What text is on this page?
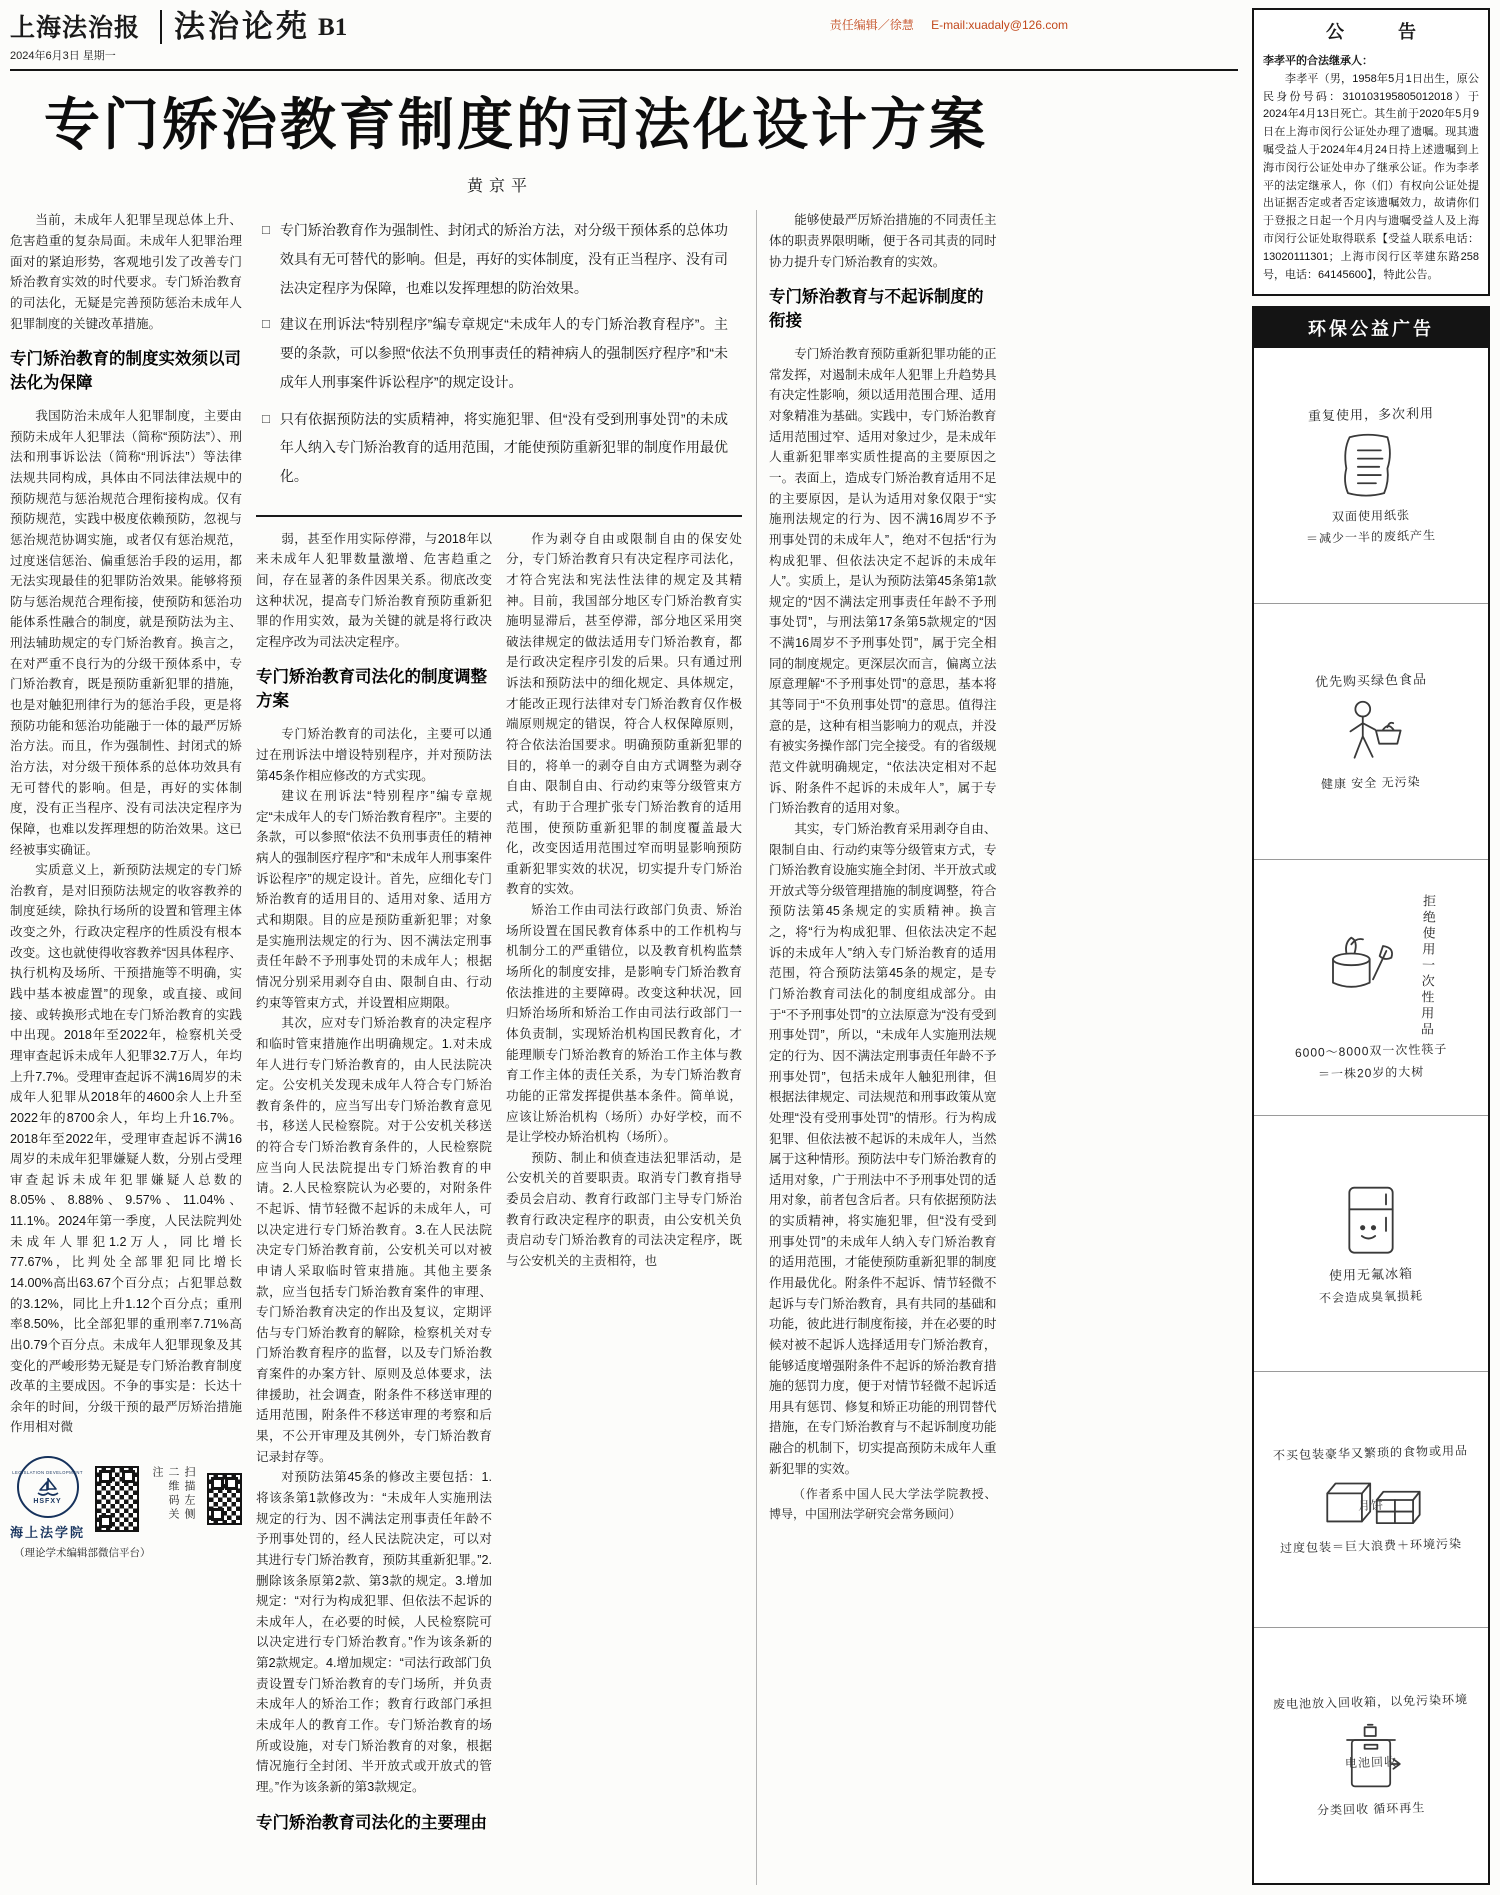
上海法治报
2024年6月3日 星期一
法治论苑 B1	责任编辑／徐慧 E-mail:xuadaly@126.com
专门矫治教育制度的司法化设计方案
黄京平

当前，未成年人犯罪呈现总体上升、危害趋重的复杂局面。未成年人犯罪治理面对的紧迫形势，客观地引发了改善专门矫治教育实效的时代要求。专门矫治教育的司法化，无疑是完善预防惩治未成年人犯罪制度的关键改革措施。

专门矫治教育的制度实效须以司法化为保障

我国防治未成年人犯罪制度，主要由预防未成年人犯罪法（简称“预防法”）、刑法和刑事诉讼法（简称“刑诉法”）等法律法规共同构成，具体由不同法律法规中的预防规范与惩治规范合理衔接构成。仅有预防规范，实践中极度依赖预防，忽视与惩治规范协调实施，或者仅有惩治规范，过度迷信惩治、偏重惩治手段的运用，都无法实现最佳的犯罪防治效果。能够将预防与惩治规范合理衔接，使预防和惩治功能体系性融合的制度，就是预防法为主、刑法辅助规定的专门矫治教育。换言之，在对严重不良行为的分级干预体系中，专门矫治教育，既是预防重新犯罪的措施，也是对触犯刑律行为的惩治手段，更是将预防功能和惩治功能融于一体的最严厉矫治方法。而且，作为强制性、封闭式的矫治方法，对分级干预体系的总体功效具有无可替代的影响。但是，再好的实体制度，没有正当程序、没有司法决定程序为保障，也难以发挥理想的防治效果。这已经被事实确证。

实质意义上，新预防法规定的专门矫治教育，是对旧预防法规定的收容教养的制度延续，除执行场所的设置和管理主体改变之外，行政决定程序的性质没有根本改变。这也就使得收容教养“因具体程序、执行机构及场所、干预措施等不明确，实践中基本被虚置”的现象，或直接、或间接、或转换形式地在专门矫治教育的实践中出现。2018年至2022年，检察机关受理审查起诉未成年人犯罪32.7万人，年均上升7.7%。受理审查起诉不满16周岁的未成年人犯罪从2018年的4600余人上升至2022年的8700余人，年均上升16.7%。2018年至2022年，受理审查起诉不满16周岁的未成年犯罪嫌疑人数，分别占受理审查起诉未成年犯罪嫌疑人总数的8.05%、8.88%、9.57%、11.04%、11.1%。2024年第一季度，人民法院判处未成年人罪犯1.2万人，同比增长77.67%，比判处全部罪犯同比增长14.00%高出63.67个百分点；占犯罪总数的3.12%，同比上升1.12个百分点；重刑率8.50%，比全部犯罪的重刑率7.71%高出0.79个百分点。未成年人犯罪现象及其变化的严峻形势无疑是专门矫治教育制度改革的主要成因。不争的事实是：长达十余年的时间，分级干预的最严厉矫治措施作用相对微

LEGISLATION DEVELOPMENT
HSFXY
海上法学院
扫描左侧二维码关注
（理论学术编辑部微信平台）
□ 专门矫治教育作为强制性、封闭式的矫治方法，对分级干预体系的总体功效具有无可替代的影响。但是，再好的实体制度，没有正当程序、没有司法决定程序为保障，也难以发挥理想的防治效果。

□ 建议在刑诉法“特别程序”编专章规定“未成年人的专门矫治教育程序”。主要的条款，可以参照“依法不负刑事责任的精神病人的强制医疗程序”和“未成年人刑事案件诉讼程序”的规定设计。

□ 只有依据预防法的实质精神，将实施犯罪、但“没有受到刑事处罚”的未成年人纳入专门矫治教育的适用范围，才能使预防重新犯罪的制度作用最优化。

弱，甚至作用实际停滞，与2018年以来未成年人犯罪数量激增、危害趋重之间，存在显著的条件因果关系。彻底改变这种状况，提高专门矫治教育预防重新犯罪的作用实效，最为关键的就是将行政决定程序改为司法决定程序。

专门矫治教育司法化的制度调整方案

专门矫治教育的司法化，主要可以通过在刑诉法中增设特别程序，并对预防法第45条作相应修改的方式实现。

建议在刑诉法“特别程序”编专章规定“未成年人的专门矫治教育程序”。主要的条款，可以参照“依法不负刑事责任的精神病人的强制医疗程序”和“未成年人刑事案件诉讼程序”的规定设计。首先，应细化专门矫治教育的适用目的、适用对象、适用方式和期限。目的应是预防重新犯罪；对象是实施刑法规定的行为、因不满法定刑事责任年龄不予刑事处罚的未成年人；根据情况分别采用剥夺自由、限制自由、行动约束等管束方式，并设置相应期限。

其次，应对专门矫治教育的决定程序和临时管束措施作出明确规定。1.对未成年人进行专门矫治教育的，由人民法院决定。公安机关发现未成年人符合专门矫治教育条件的，应当写出专门矫治教育意见书，移送人民检察院。对于公安机关移送的符合专门矫治教育条件的，人民检察院应当向人民法院提出专门矫治教育的申请。2.人民检察院认为必要的，对附条件不起诉、情节轻微不起诉的未成年人，可以决定进行专门矫治教育。3.在人民法院决定专门矫治教育前，公安机关可以对被申请人采取临时管束措施。其他主要条款，应当包括专门矫治教育案件的审理、专门矫治教育决定的作出及复议，定期评估与专门矫治教育的解除，检察机关对专门矫治教育程序的监督，以及专门矫治教育案件的办案方针、原则及总体要求，法律援助，社会调查，附条件不移送审理的适用范围，附条件不移送审理的考察和后果，不公开审理及其例外，专门矫治教育记录封存等。

对预防法第45条的修改主要包括：1.将该条第1款修改为：“未成年人实施刑法规定的行为、因不满法定刑事责任年龄不予刑事处罚的，经人民法院决定，可以对其进行专门矫治教育，预防其重新犯罪。”2.删除该条原第2款、第3款的规定。3.增加规定：“对行为构成犯罪、但依法不起诉的未成年人，在必要的时候，人民检察院可以决定进行专门矫治教育。”作为该条新的第2款规定。4.增加规定：“司法行政部门负责设置专门矫治教育的专门场所，并负责未成年人的矫治工作；教育行政部门承担未成年人的教育工作。专门矫治教育的场所或设施，对专门矫治教育的对象，根据情况施行全封闭、半开放式或开放式的管理。”作为该条新的第3款规定。

专门矫治教育司法化的主要理由

作为剥夺自由或限制自由的保安处分，专门矫治教育只有决定程序司法化，才符合宪法和宪法性法律的规定及其精神。目前，我国部分地区专门矫治教育实施明显滞后，甚至停滞，部分地区采用突破法律规定的做法适用专门矫治教育，都是行政决定程序引发的后果。只有通过刑诉法和预防法中的细化规定、具体规定，才能改正现行法律对专门矫治教育仅作极端原则规定的错误，符合人权保障原则，符合依法治国要求。明确预防重新犯罪的目的，将单一的剥夺自由方式调整为剥夺自由、限制自由、行动约束等分级管束方式，有助于合理扩张专门矫治教育的适用范围，使预防重新犯罪的制度覆盖最大化，改变因适用范围过窄而明显影响预防重新犯罪实效的状况，切实提升专门矫治教育的实效。

矫治工作由司法行政部门负责、矫治场所设置在国民教育体系中的工作机构与机制分工的严重错位，以及教育机构监禁场所化的制度安排，是影响专门矫治教育依法推进的主要障碍。改变这种状况，回归矫治场所和矫治工作由司法行政部门一体负责制，实现矫治机构国民教育化，才能理顺专门矫治教育的矫治工作主体与教育工作主体的责任关系，为专门矫治教育功能的正常发挥提供基本条件。简单说，应该让矫治机构（场所）办好学校，而不是让学校办矫治机构（场所）。

预防、制止和侦查违法犯罪活动，是公安机关的首要职责。取消专门教育指导委员会启动、教育行政部门主导专门矫治教育行政决定程序的职责，由公安机关负责启动专门矫治教育的司法决定程序，既与公安机关的主责相符，也

能够使最严厉矫治措施的不同责任主体的职责界限明晰，便于各司其责的同时协力提升专门矫治教育的实效。

专门矫治教育与不起诉制度的衔接

专门矫治教育预防重新犯罪功能的正常发挥，对遏制未成年人犯罪上升趋势具有决定性影响，须以适用范围合理、适用对象精准为基础。实践中，专门矫治教育适用范围过窄、适用对象过少，是未成年人重新犯罪率实质性提高的主要原因之一。表面上，造成专门矫治教育适用不足的主要原因，是认为适用对象仅限于“实施刑法规定的行为、因不满16周岁不予刑事处罚的未成年人”，绝对不包括“行为构成犯罪、但依法决定不起诉的未成年人”。实质上，是认为预防法第45条第1款规定的“因不满法定刑事责任年龄不予刑事处罚”，与刑法第17条第5款规定的“因不满16周岁不予刑事处罚”，属于完全相同的制度规定。更深层次而言，偏离立法原意理解“不予刑事处罚”的意思，基本将其等同于“不负刑事处罚”的意思。值得注意的是，这种有相当影响力的观点，并没有被实务操作部门完全接受。有的省级规范文件就明确规定，“依法决定相对不起诉、附条件不起诉的未成年人”，属于专门矫治教育的适用对象。

其实，专门矫治教育采用剥夺自由、限制自由、行动约束等分级管束方式，专门矫治教育设施实施全封闭、半开放式或开放式等分级管理措施的制度调整，符合预防法第45条规定的实质精神。换言之，将“行为构成犯罪、但依法决定不起诉的未成年人”纳入专门矫治教育的适用范围，符合预防法第45条的规定，是专门矫治教育司法化的制度组成部分。由于“不予刑事处罚”的立法原意为“没有受到刑事处罚”，所以，“未成年人实施刑法规定的行为、因不满法定刑事责任年龄不予刑事处罚”，包括未成年人触犯刑律，但根据法律规定、司法规范和刑事政策从宽处理“没有受刑事处罚”的情形。行为构成犯罪、但依法被不起诉的未成年人，当然属于这种情形。预防法中专门矫治教育的适用对象，广于刑法中不予刑事处罚的适用对象，前者包含后者。只有依据预防法的实质精神，将实施犯罪，但“没有受到刑事处罚”的未成年人纳入专门矫治教育的适用范围，才能使预防重新犯罪的制度作用最优化。附条件不起诉、情节轻微不起诉与专门矫治教育，具有共同的基础和功能，彼此进行制度衔接，并在必要的时候对被不起诉人选择适用专门矫治教育，能够适度增强附条件不起诉的矫治教育措施的惩罚力度，便于对情节轻微不起诉适用具有惩罚、修复和矫正功能的刑罚替代措施，在专门矫治教育与不起诉制度功能融合的机制下，切实提高预防未成年人重新犯罪的实效。

（作者系中国人民大学法学院教授、博导，中国刑法学研究会常务顾问）

公　告
李孝平的合法继承人：
李孝平（男，1958年5月1日出生，原公民身份号码：310103195805012018）于2024年4月13日死亡。其生前于2020年5月9日在上海市闵行公证处办理了遗嘱。现其遗嘱受益人于2024年4月24日持上述遗嘱到上海市闵行公证处申办了继承公证。作为李孝平的法定继承人，你（们）有权向公证处提出证据否定或者否定该遗嘱效力，故请你们于登报之日起一个月内与遗嘱受益人及上海市闵行公证处取得联系【受益人联系电话：13020111301；上海市闵行区莘建东路258号，电话：64145600】，特此公告。
环保公益广告
重复使用，多次利用
双面使用纸张
＝减少一半的废纸产生
优先购买绿色食品
健康 安全 无污染
拒绝使用一次性用品
6000～8000双一次性筷子
＝一株20岁的大树
使用无氟冰箱
不会造成臭氧损耗
不买包装豪华又繁琐的食物或用品
月饼
过度包装＝巨大浪费＋环境污染
废电池放入回收箱，以免污染环境
电池回收
分类回收 循环再生
